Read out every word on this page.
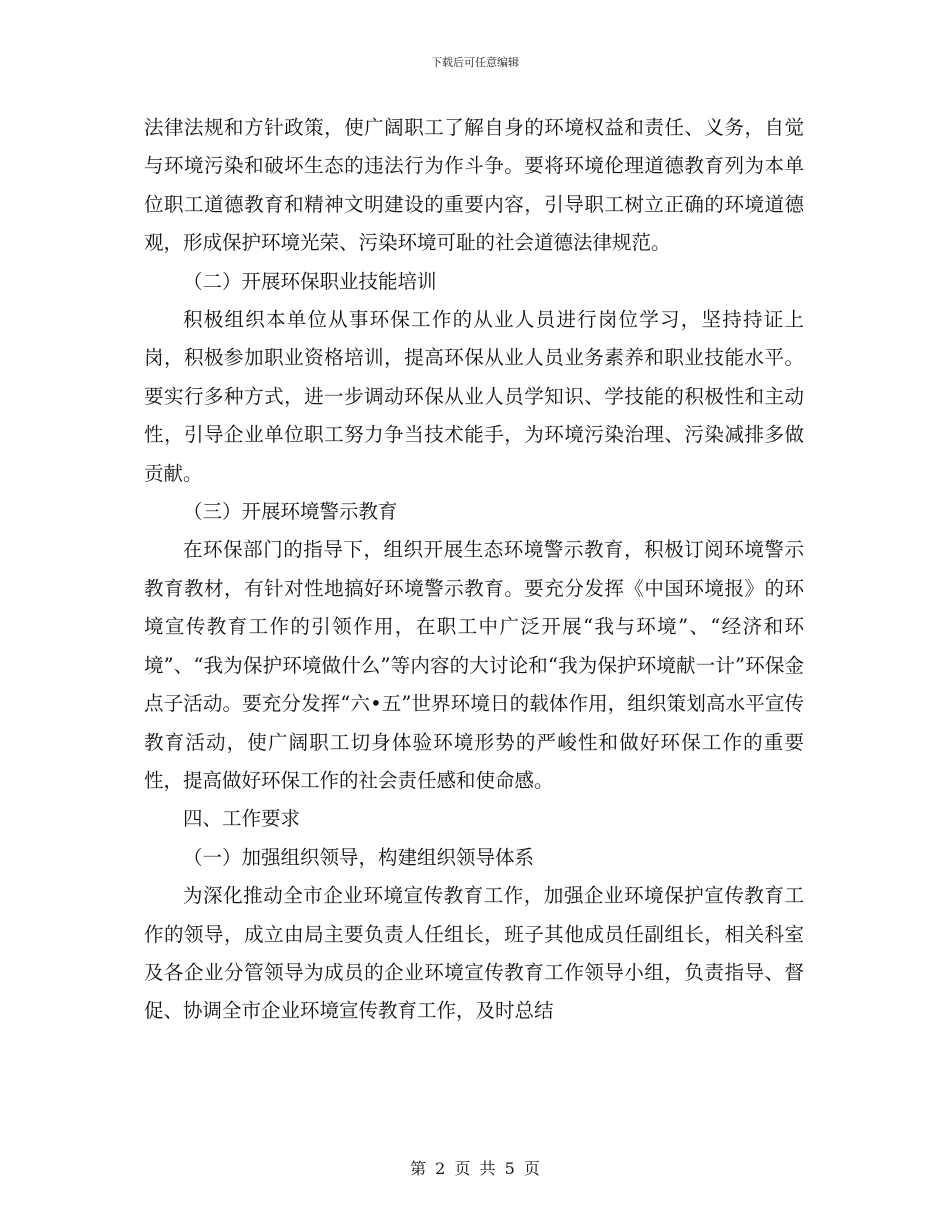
下载后可任意编辑

法律法规和方针政策，使广阔职工了解自身的环境权益和责任、义务，自觉与环境污染和破坏生态的违法行为作斗争。要将环境伦理道德教育列为本单位职工道德教育和精神文明建设的重要内容，引导职工树立正确的环境道德观，形成保护环境光荣、污染环境可耻的社会道德法律规范。

（二）开展环保职业技能培训

积极组织本单位从事环保工作的从业人员进行岗位学习，坚持持证上岗，积极参加职业资格培训，提高环保从业人员业务素养和职业技能水平。要实行多种方式，进一步调动环保从业人员学知识、学技能的积极性和主动性，引导企业单位职工努力争当技术能手，为环境污染治理、污染减排多做贡献。

（三）开展环境警示教育

在环保部门的指导下，组织开展生态环境警示教育，积极订阅环境警示教育教材，有针对性地搞好环境警示教育。要充分发挥《中国环境报》的环境宣传教育工作的引领作用，在职工中广泛开展“我与环境”、“经济和环境”、“我为保护环境做什么”等内容的大讨论和“我为保护环境献一计”环保金点子活动。要充分发挥“六•五”世界环境日的载体作用，组织策划高水平宣传教育活动，使广阔职工切身体验环境形势的严峻性和做好环保工作的重要性，提高做好环保工作的社会责任感和使命感。

四、工作要求

（一）加强组织领导，构建组织领导体系

为深化推动全市企业环境宣传教育工作，加强企业环境保护宣传教育工作的领导，成立由局主要负责人任组长，班子其他成员任副组长，相关科室及各企业分管领导为成员的企业环境宣传教育工作领导小组，负责指导、督促、协调全市企业环境宣传教育工作，及时总结

第 2 页 共 5 页
